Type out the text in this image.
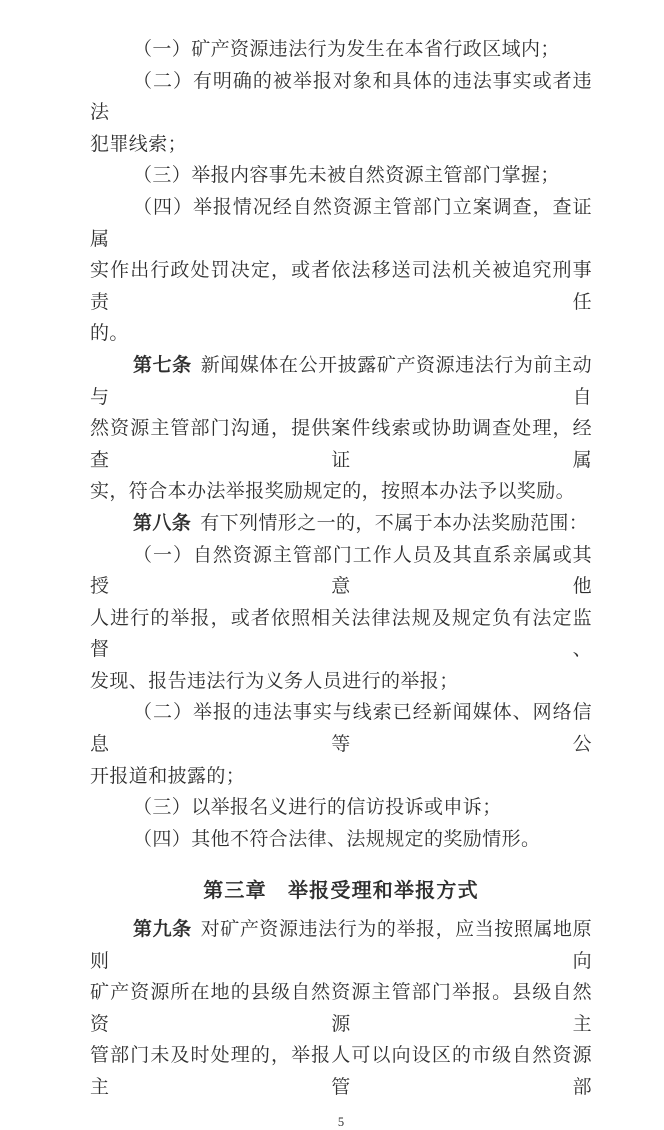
（一）矿产资源违法行为发生在本省行政区域内；
（二）有明确的被举报对象和具体的违法事实或者违法
犯罪线索；
（三）举报内容事先未被自然资源主管部门掌握；
（四）举报情况经自然资源主管部门立案调查，查证属
实作出行政处罚决定，或者依法移送司法机关被追究刑事责任
的。
第七条 新闻媒体在公开披露矿产资源违法行为前主动与自
然资源主管部门沟通，提供案件线索或协助调查处理，经查证属
实，符合本办法举报奖励规定的，按照本办法予以奖励。
第八条 有下列情形之一的，不属于本办法奖励范围：
（一）自然资源主管部门工作人员及其直系亲属或其授意他
人进行的举报，或者依照相关法律法规及规定负有法定监督、
发现、报告违法行为义务人员进行的举报；
（二）举报的违法事实与线索已经新闻媒体、网络信息等公
开报道和披露的；
（三）以举报名义进行的信访投诉或申诉；
（四）其他不符合法律、法规规定的奖励情形。
第三章　举报受理和举报方式
第九条 对矿产资源违法行为的举报，应当按照属地原则向
矿产资源所在地的县级自然资源主管部门举报。县级自然资源主
管部门未及时处理的，举报人可以向设区的市级自然资源主管部
5
